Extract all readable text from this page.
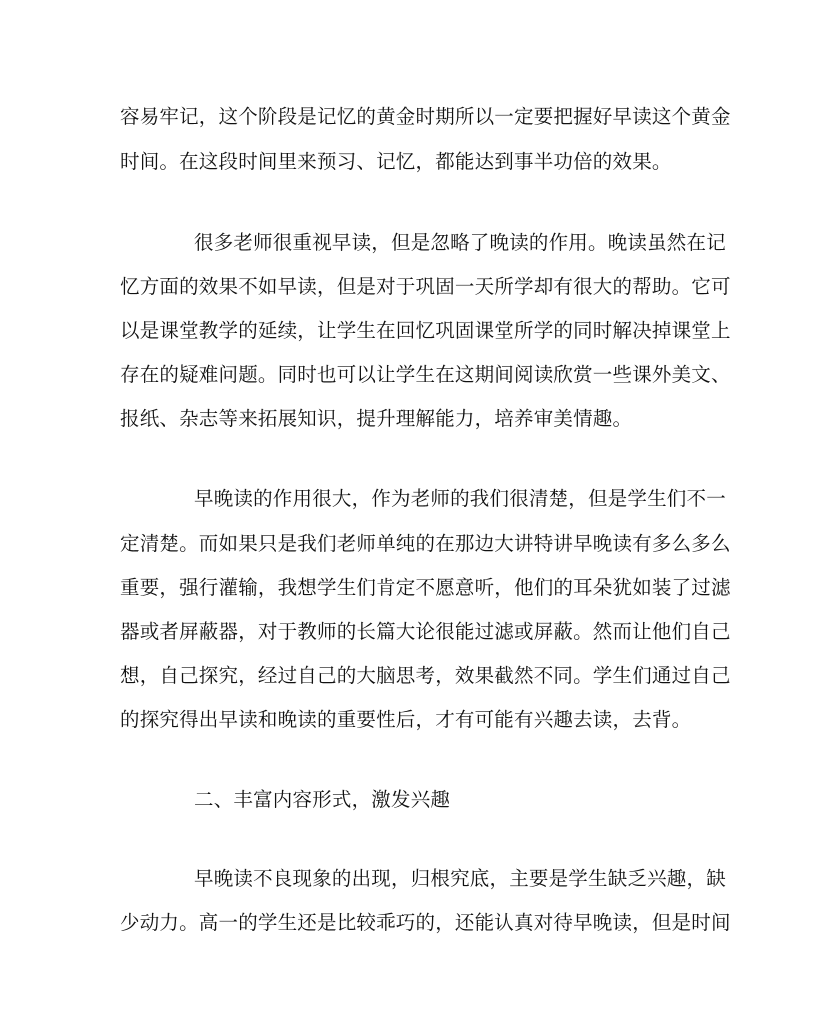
容易牢记，这个阶段是记忆的黄金时期所以一定要把握好早读这个黄金
时间。在这段时间里来预习、记忆，都能达到事半功倍的效果。
很多老师很重视早读，但是忽略了晚读的作用。晚读虽然在记
忆方面的效果不如早读，但是对于巩固一天所学却有很大的帮助。它可
以是课堂教学的延续，让学生在回忆巩固课堂所学的同时解决掉课堂上
存在的疑难问题。同时也可以让学生在这期间阅读欣赏一些课外美文、
报纸、杂志等来拓展知识，提升理解能力，培养审美情趣。
早晚读的作用很大，作为老师的我们很清楚，但是学生们不一
定清楚。而如果只是我们老师单纯的在那边大讲特讲早晚读有多么多么
重要，强行灌输，我想学生们肯定不愿意听，他们的耳朵犹如装了过滤
器或者屏蔽器，对于教师的长篇大论很能过滤或屏蔽。然而让他们自己
想，自己探究，经过自己的大脑思考，效果截然不同。学生们通过自己
的探究得出早读和晚读的重要性后，才有可能有兴趣去读，去背。
二、丰富内容形式，激发兴趣
早晚读不良现象的出现，归根究底，主要是学生缺乏兴趣，缺
少动力。高一的学生还是比较乖巧的，还能认真对待早晚读，但是时间
